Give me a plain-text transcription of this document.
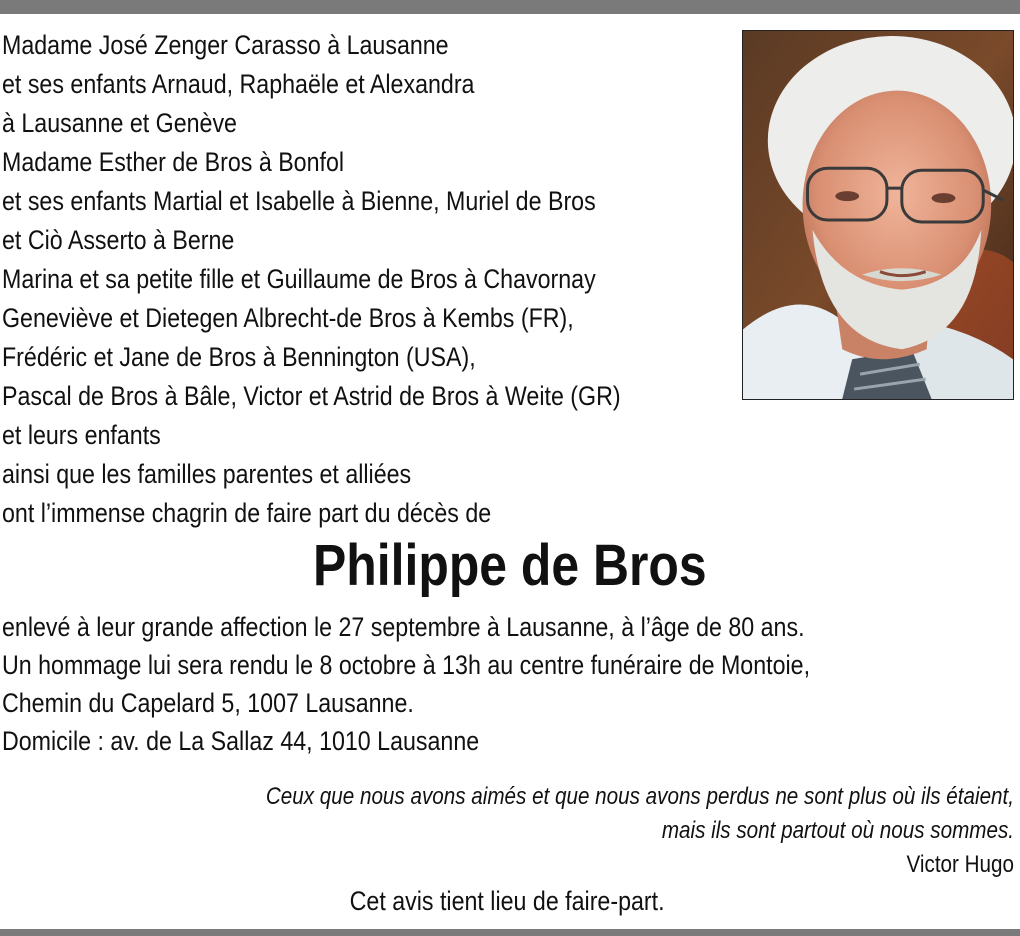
Madame José Zenger Carasso à Lausanne
et ses enfants Arnaud, Raphaële et Alexandra
à Lausanne et Genève
Madame Esther de Bros à Bonfol
et ses enfants Martial et Isabelle à Bienne, Muriel de Bros
et Ciò Asserto à Berne
Marina et sa petite fille et Guillaume de Bros à Chavornay
Geneviève et Dietegen Albrecht-de Bros à Kembs (FR),
Frédéric et Jane de Bros à Bennington (USA),
Pascal de Bros à Bâle, Victor et Astrid de Bros à Weite (GR)
et leurs enfants
ainsi que les familles parentes et alliées
ont l’immense chagrin de faire part du décès de
Philippe de Bros
enlevé à leur grande affection le 27 septembre à Lausanne, à l’âge de 80 ans.
Un hommage lui sera rendu le 8 octobre à 13h au centre funéraire de Montoie,
Chemin du Capelard 5, 1007 Lausanne.
Domicile : av. de La Sallaz 44, 1010 Lausanne
Ceux que nous avons aimés et que nous avons perdus ne sont plus où ils étaient,
mais ils sont partout où nous sommes.
Victor Hugo
Cet avis tient lieu de faire-part.
